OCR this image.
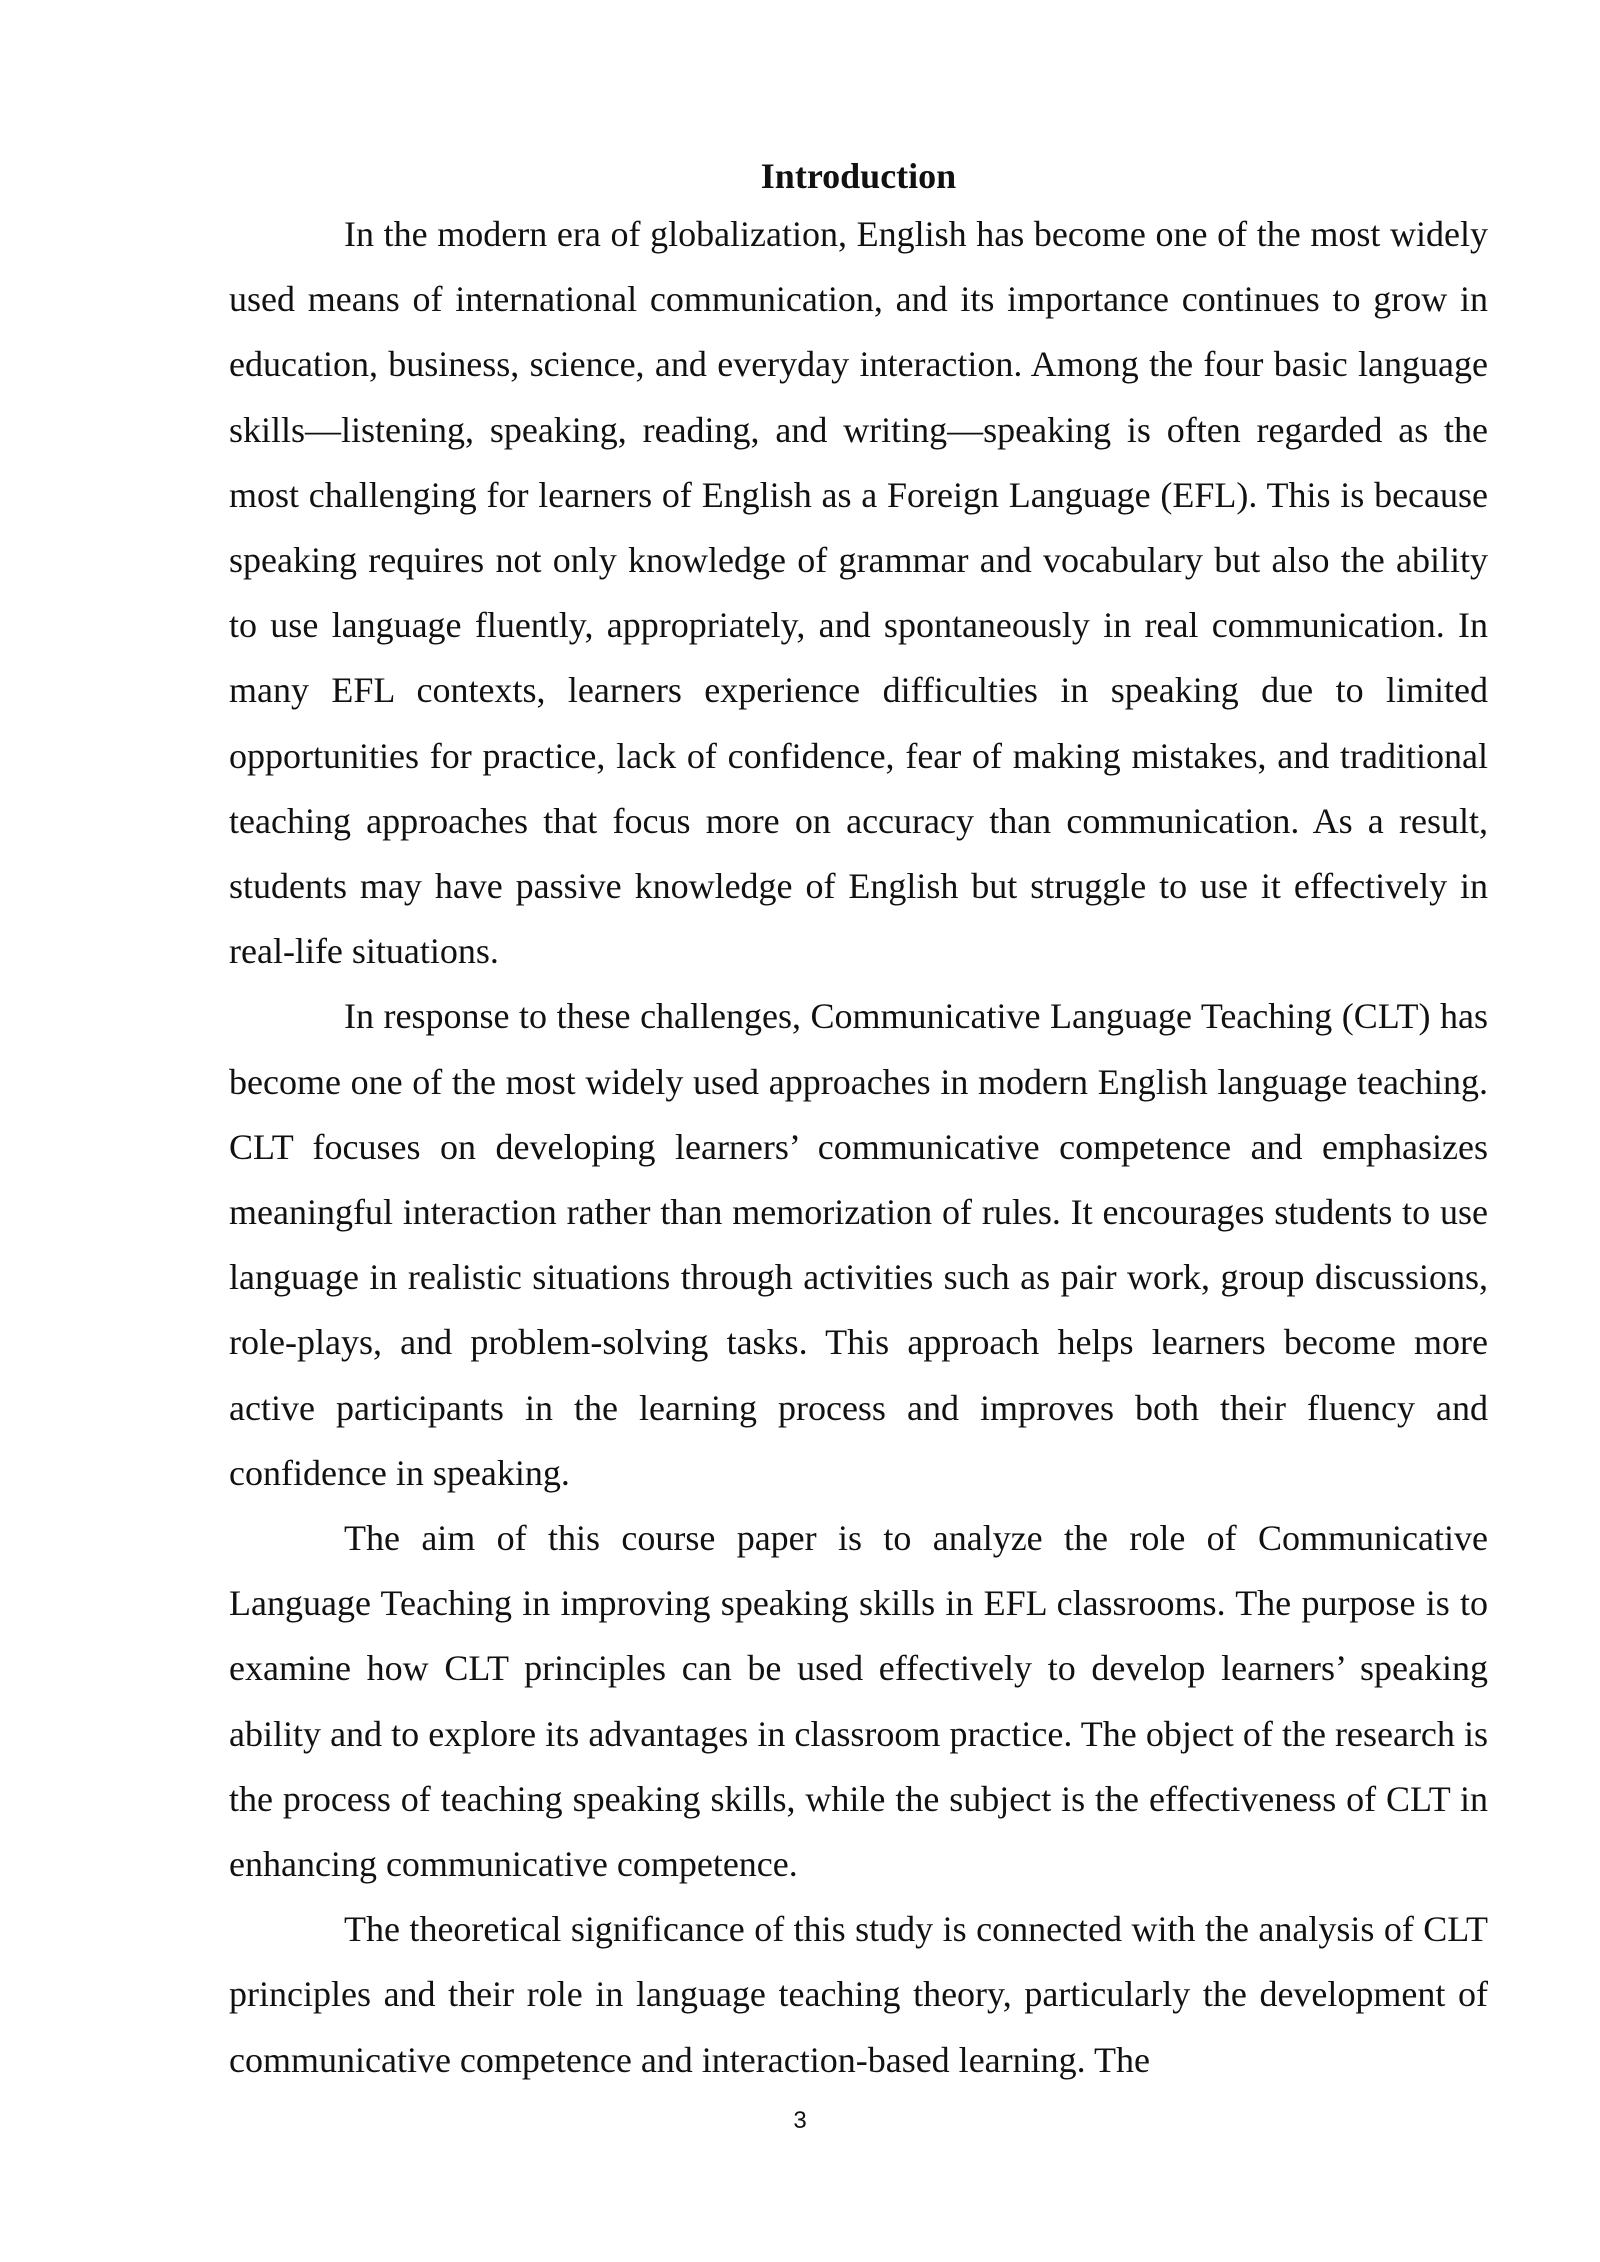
Introduction

In the modern era of globalization, English has become one of the most widely used means of international communication, and its importance continues to grow in education, business, science, and everyday interaction. Among the four basic language skills—listening, speaking, reading, and writing—speaking is often regarded as the most challenging for learners of English as a Foreign Language (EFL). This is because speaking requires not only knowledge of grammar and vocabulary but also the ability to use language fluently, appropriately, and spontaneously in real communication. In many EFL contexts, learners experience difficulties in speaking due to limited opportunities for practice, lack of confidence, fear of making mistakes, and traditional teaching approaches that focus more on accuracy than communication. As a result, students may have passive knowledge of English but struggle to use it effectively in real-life situations.

In response to these challenges, Communicative Language Teaching (CLT) has become one of the most widely used approaches in modern English language teaching. CLT focuses on developing learners’ communicative competence and emphasizes meaningful interaction rather than memorization of rules. It encourages students to use language in realistic situations through activities such as pair work, group discussions, role-plays, and problem-solving tasks. This approach helps learners become more active participants in the learning process and improves both their fluency and confidence in speaking.

The aim of this course paper is to analyze the role of Communicative Language Teaching in improving speaking skills in EFL classrooms. The purpose is to examine how CLT principles can be used effectively to develop learners’ speaking ability and to explore its advantages in classroom practice. The object of the research is the process of teaching speaking skills, while the subject is the effectiveness of CLT in enhancing communicative competence.

The theoretical significance of this study is connected with the analysis of CLT principles and their role in language teaching theory, particularly the development of communicative competence and interaction-based learning. The

3
